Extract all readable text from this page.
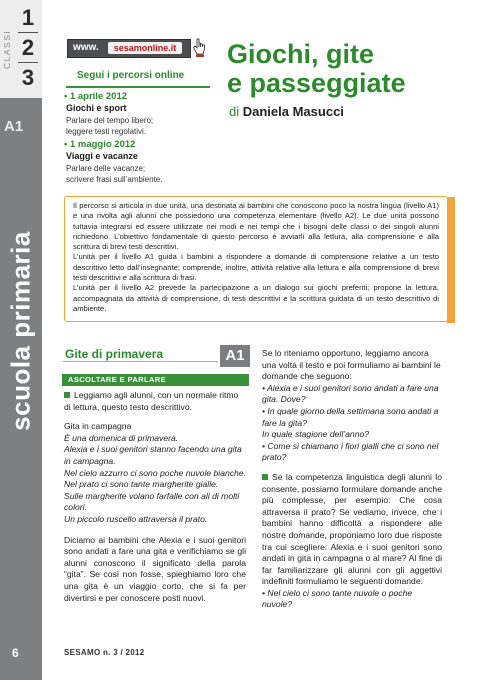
CLASSI
1
2
3
A1
scuola primaria
6
www.	sesamonline.it
Segui i percorsi online
• 1 aprile 2012
Giochi e sport
Parlare del tempo libero;
leggere testi regolativi.
• 1 maggio 2012
Viaggi e vacanze
Parlare delle vacanze;
scrivere frasi sull’ambiente.
Giochi, gite
e passeggiate
di Daniela Masucci

Il percorso si articola in due unità, una destinata ai bambini che conoscono poco la nostra lingua (livello A1) e una rivolta agli alunni che possiedono una competenza elementare (livello A2). Le due unità possono tuttavia integrarsi ed essere utilizzate nei modi e nei tempi che i bisogni delle classi o dei singoli alunni richiedono. L’obiettivo fondamentale di questo percorso è avviarli alla lettura, alla comprensione e alla scrittura di brevi testi descrittivi.
L’unità per il livello A1 guida i bambini a rispondere a domande di comprensione relative a un testo descrittivo letto dall’insegnante; comprende, inoltre, attività relative alla lettura e alla comprensione di brevi testi descrittivi e alla scrittura di frasi.
L’unità per il livello A2 prevede la partecipazione a un dialogo sui giochi preferiti; propone la lettura, accompagnata da attività di comprensione, di testi descrittivi e la scrittura guidata di un testo descrittivo di ambiente.

Gite di primavera	A1
ASCOLTARE E PARLARE

Leggiamo agli alunni, con un normale ritmo di lettura, questo testo descrittivo.

Gita in campagna

È una domenica di primavera.

Alexia e i suoi genitori stanno facendo una gita in campagna.

Nel cielo azzurro ci sono poche nuvole bianche.

Nel prato ci sono tante margherite gialle.

Sulle margherite volano farfalle con ali di molti colori.

Un piccolo ruscello attraversa il prato.

Diciamo ai bambini che Alexia e i suoi genitori sono andati a fare una gita e verifichiamo se gli alunni conoscono il significato della parola “gita”. Se così non fosse, spieghiamo loro che una gita è un viaggio corto, che si fa per divertirsi e per conoscere posti nuovi.

Se lo riteniamo opportuno, leggiamo ancora una volta il testo e poi formuliamo ai bambini le domande che seguono:

• Alexia e i suoi genitori sono andati a fare una gita. Dove?

• In quale giorno della settimana sono andati a fare la gita?

In quale stagione dell’anno?

• Come si chiamano i fiori gialli che ci sono nel prato?

Se la competenza linguistica degli alunni lo consente, possiamo formulare domande anche più complesse, per esempio: Che cosa attraversa il prato? Se vediamo, invece, che i bambini hanno difficoltà a rispondere alle nostre domande, proponiamo loro due risposte tra cui scegliere: Alexia e i suoi genitori sono andati in gita in campagna o al mare? Al fine di far familiarizzare gli alunni con gli aggettivi indefiniti formuliamo le seguenti domande:

• Nel cielo ci sono tante nuvole o poche nuvole?

SESAMO n. 3 / 2012
